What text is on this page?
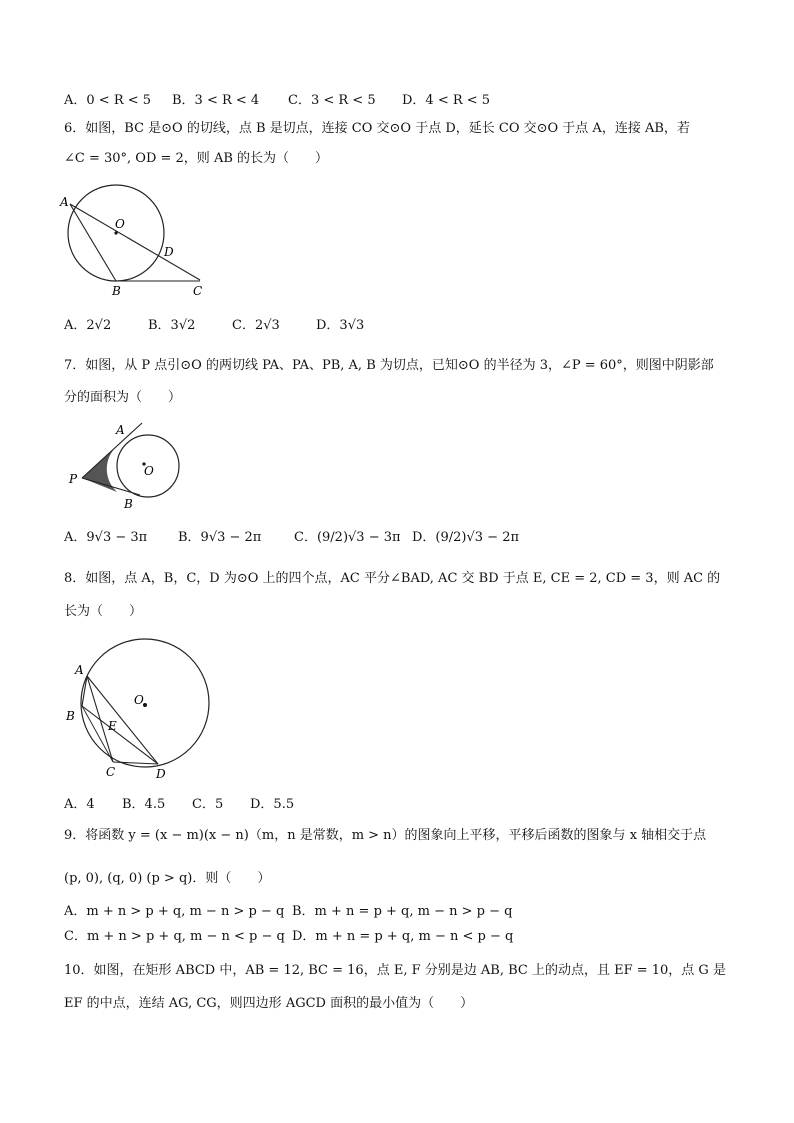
A．0 < R < 5 B．3 < R < 4 C．3 < R < 5 D．4 < R < 5
6．如图，BC 是⊙O 的切线，点 B 是切点，连接 CO 交⊙O 于点 D，延长 CO 交⊙O 于点 A，连接 AB，若
∠C = 30°, OD = 2，则 AB 的长为（　　）
A
O
D
B	C
A．2√2	B．3√2	C．2√3	D．3√3
7．如图，从 P 点引⊙O 的两切线 PA、PA、PB, A, B 为切点，已知⊙O 的半径为 3，∠P = 60°，则图中阴影部
分的面积为（　　）
A
P
O
B
A．9√3 − 3π B．9√3 − 2π	C．(9/2)√3 − 3π D．(9/2)√3 − 2π
8．如图，点 A，B，C，D 为⊙O 上的四个点，AC 平分∠BAD, AC 交 BD 于点 E, CE = 2, CD = 3，则 AC 的
长为（　　）
A
O
B
E
C	D
A．4 B．4.5 C．5 D．5.5
9．将函数 y = (x − m)(x − n)（m，n 是常数，m > n）的图象向上平移，平移后函数的图象与 x 轴相交于点
(p, 0), (q, 0) (p > q)．则（　　）
A．m + n > p + q, m − n > p − q B．m + n = p + q, m − n > p − q
C．m + n > p + q, m − n < p − q D．m + n = p + q, m − n < p − q
10．如图，在矩形 ABCD 中，AB = 12, BC = 16，点 E, F 分别是边 AB, BC 上的动点，且 EF = 10，点 G 是
EF 的中点，连结 AG, CG，则四边形 AGCD 面积的最小值为（　　）
